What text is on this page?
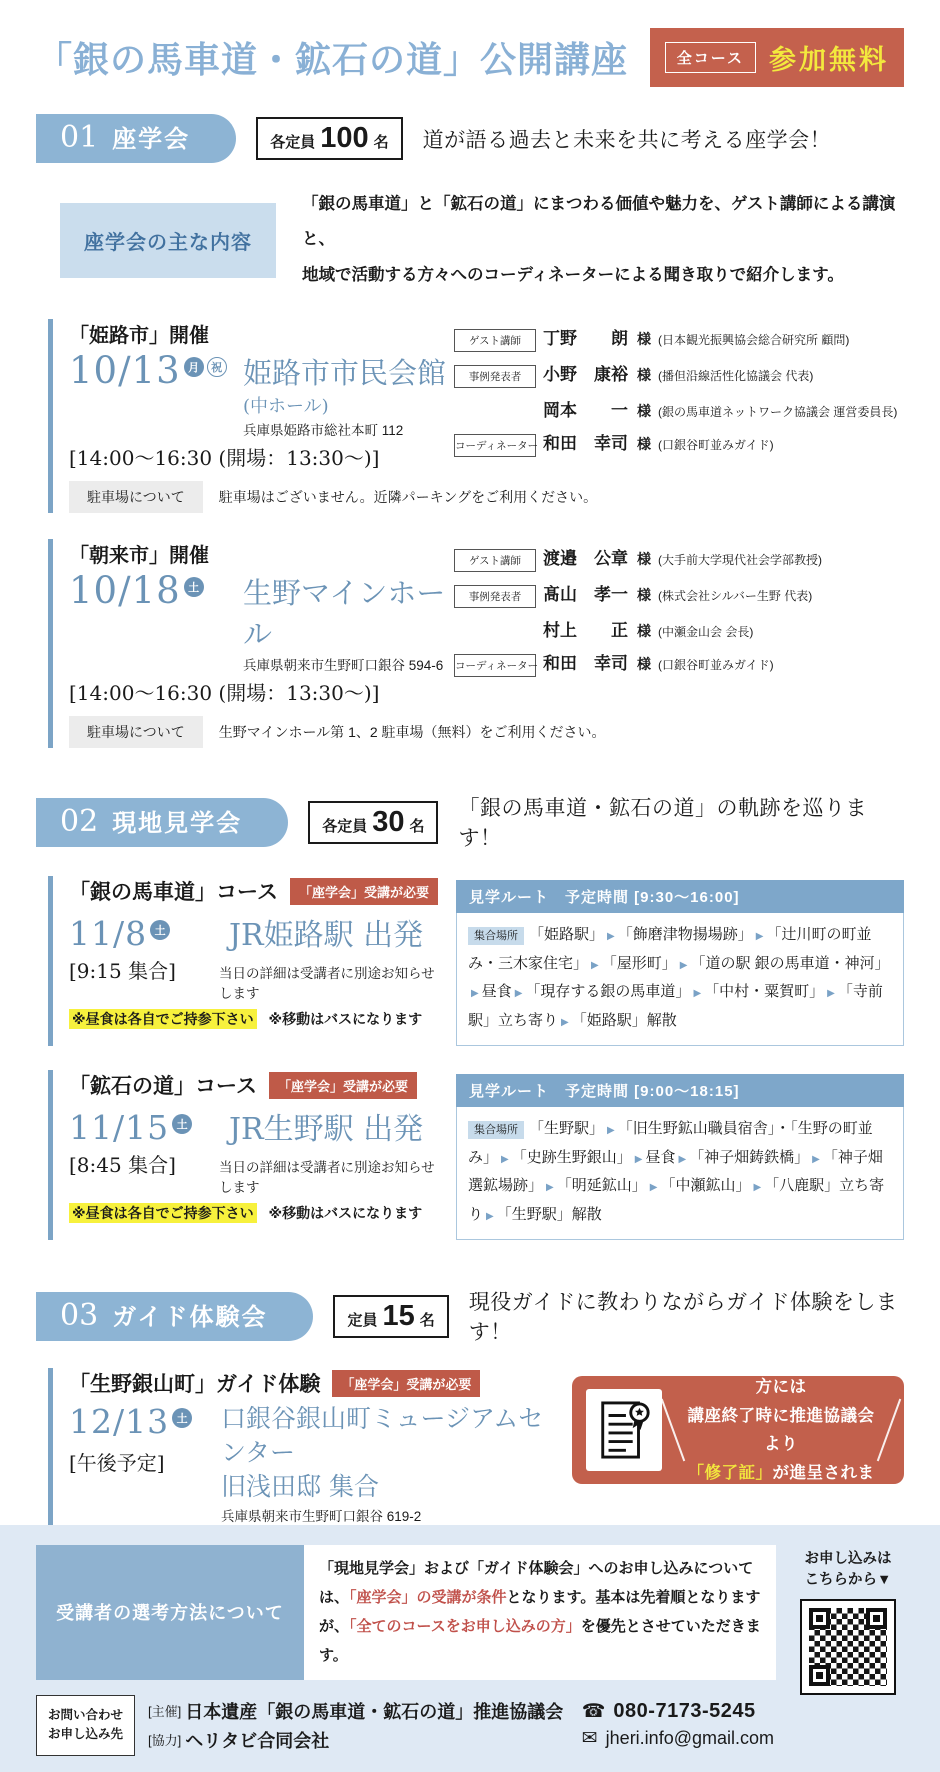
「銀の馬車道・鉱石の道」公開講座	全コース 参加無料
01 座学会	各定員 100 名 道が語る過去と未来を共に考える座学会！
座学会の主な内容
「銀の馬車道」と「鉱石の道」にまつわる価値や魅力を、ゲスト講師による講演と、
地域で活動する方々へのコーディネーターによる聞き取りで紹介します。
「姫路市」開催
10/13 月	祝 姫路市市民会館(中ホール)
兵庫県姫路市総社本町 112
[14:00～16:30 (開場：13:30～)]
ゲスト講師	丁野	朗 様 (日本観光振興協会総合研究所 顧問)
事例発表者	小野	康裕 様 (播但沿線活性化協議会 代表)
岡本	一 様 (銀の馬車道ネットワーク協議会 運営委員長)
コーディネーター 和田	幸司 様 (口銀谷町並みガイド)
駐車場について	駐車場はございません。近隣パーキングをご利用ください。
「朝来市」開催
10/18 土 生野マインホール
兵庫県朝来市生野町口銀谷 594-6
[14:00～16:30 (開場：13:30～)]
ゲスト講師	渡邉	公章 様 (大手前大学現代社会学部教授)
事例発表者	髙山	孝一 様 (株式会社シルバー生野 代表)
村上	正 様 (中瀬金山会 会長)
コーディネーター 和田	幸司 様 (口銀谷町並みガイド)
駐車場について	生野マインホール第 1、2 駐車場（無料）をご利用ください。
02 現地見学会	各定員 30 名
「銀の馬車道・鉱石の道」の軌跡を巡ります！
「銀の馬車道」コース	「座学会」受講が必要
11/8 土 JR姫路駅 出発
[9:15 集合]	当日の詳細は受講者に別途お知らせします
※昼食は各自でご持参下さい ※移動はバスになります
見学ルート　予定時間 [9:30～16:00]
集合場所 「姫路駅」 ▶ 「飾磨津物揚場跡」 ▶ 「辻川町の町並み・三木家住宅」 ▶ 「屋形町」 ▶ 「道の駅 銀の馬車道・神河」▶ 昼食 ▶ 「現存する銀の馬車道」 ▶ 「中村・粟賀町」 ▶ 「寺前駅」立ち寄り ▶ 「姫路駅」解散
「鉱石の道」コース	「座学会」受講が必要
11/15 土 JR生野駅 出発
[8:45 集合]	当日の詳細は受講者に別途お知らせします
※昼食は各自でご持参下さい ※移動はバスになります
見学ルート　予定時間 [9:00～18:15]
集合場所 「生野駅」 ▶ 「旧生野鉱山職員宿舎」・「生野の町並み」 ▶ 「史跡生野銀山」 ▶ 昼食 ▶ 「神子畑鋳鉄橋」 ▶ 「神子畑選鉱場跡」 ▶ 「明延鉱山」 ▶ 「中瀬鉱山」 ▶ 「八鹿駅」立ち寄り ▶ 「生野駅」解散
03 ガイド体験会	定員 15 名
現役ガイドに教わりながらガイド体験をします！
「生野銀山町」ガイド体験	「座学会」受講が必要
12/13 土
[午後予定]
口銀谷銀山町ミュージアムセンター
旧浅田邸 集合
兵庫県朝来市生野町口銀谷 619-2
すべてのコースを受講の方には
講座終了時に推進協議会より
「修了証」が進呈されます！
受講者の選考方法について
「現地見学会」および「ガイド体験会」へのお申し込みについては、「座学会」の受講が条件となります。基本は先着順となりますが、「全てのコースをお申し込みの方」を優先とさせていただきます。
お問い合わせ
お申し込み先
[主催] 日本遺産「銀の馬車道・鉱石の道」推進協議会
[協力] ヘリタビ合同会社
☎ 080-7173-5245
✉ jheri.info@gmail.com
お申し込みは
こちらから▼
